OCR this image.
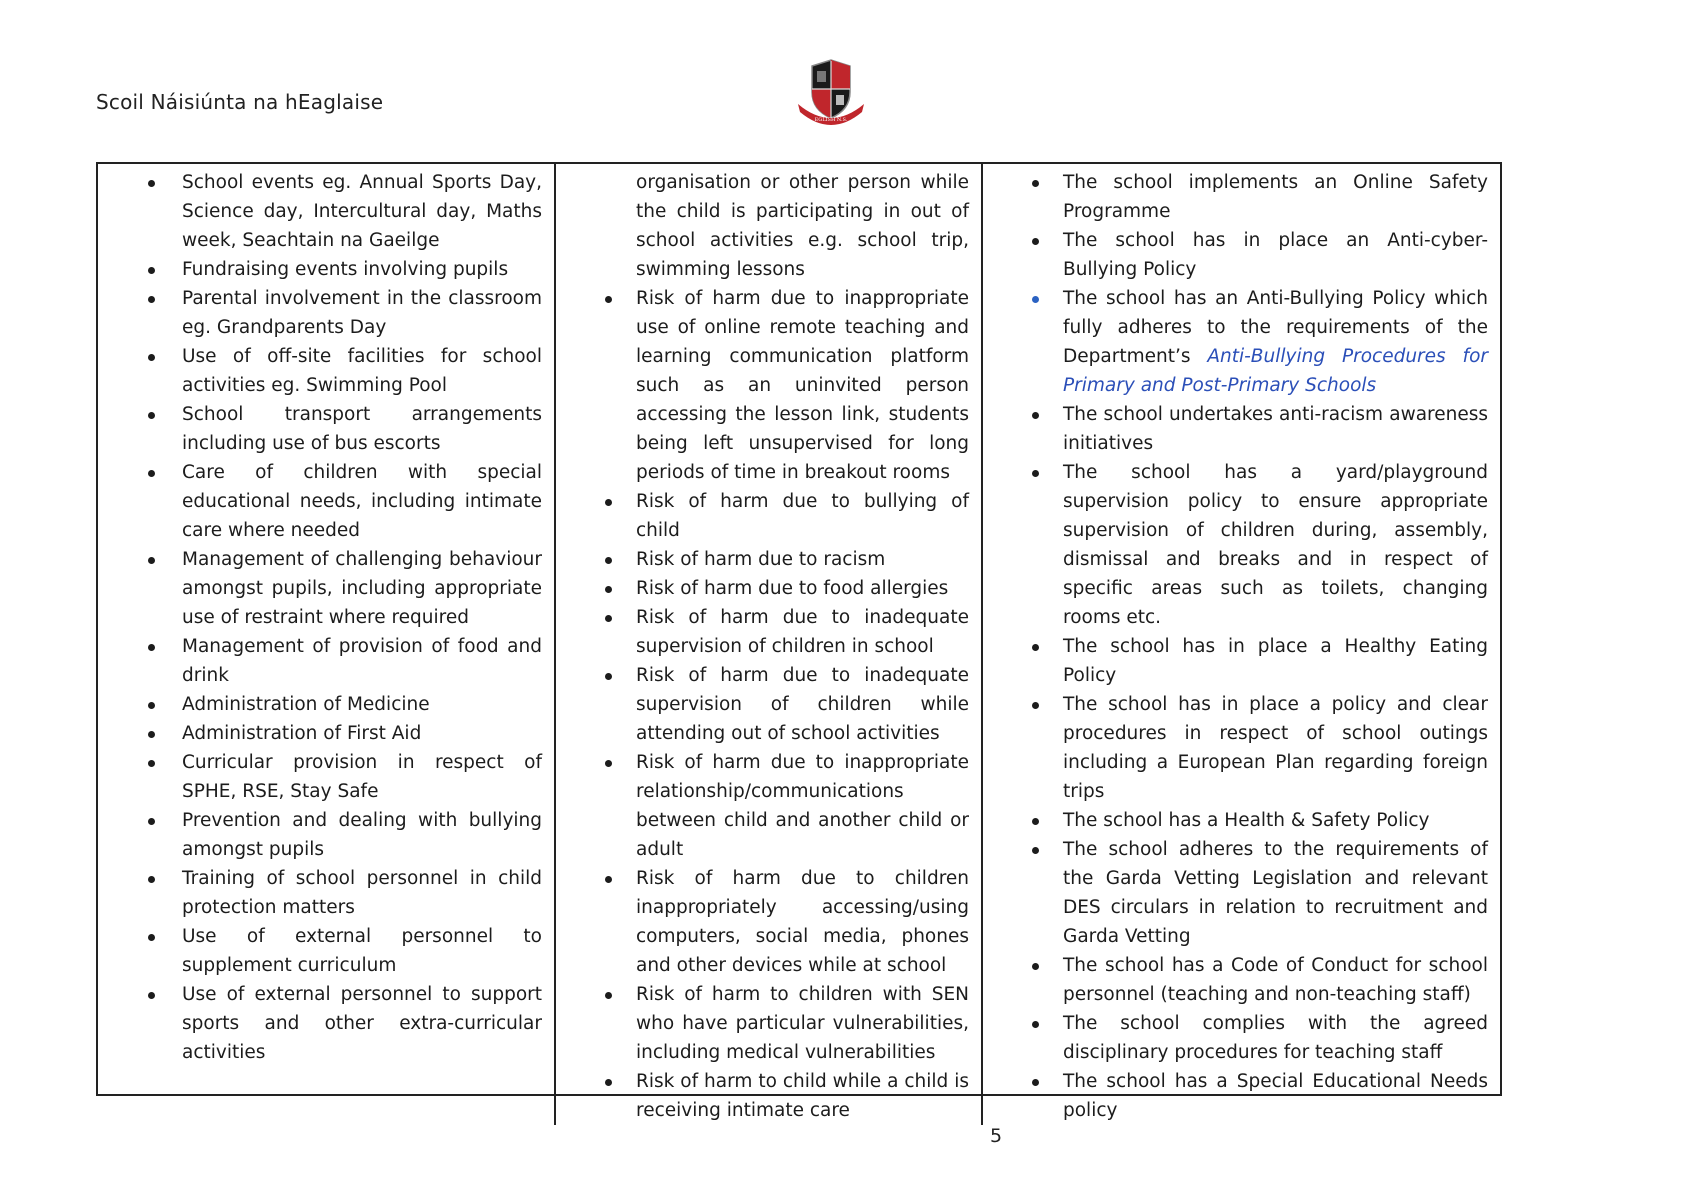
Scoil Náisiúnta na hEaglaise
EGLISH N.S.
School events eg. Annual Sports Day, Science day, Intercultural day, Maths week, Seachtain na Gaeilge
Fundraising events involving pupils
Parental involvement in the classroom eg. Grandparents Day
Use of off-site facilities for school activities eg. Swimming Pool
School transport arrangements including use of bus escorts
Care of children with special educational needs, including intimate care where needed
Management of challenging behaviour amongst pupils, including appropriate use of restraint where required
Management of provision of food and drink
Administration of Medicine
Administration of First Aid
Curricular provision in respect of SPHE, RSE, Stay Safe
Prevention and dealing with bullying amongst pupils
Training of school personnel in child protection matters
Use of external personnel to supplement curriculum
Use of external personnel to support sports and other extra-curricular activities
organisation or other person while the child is participating in out of school activities e.g. school trip, swimming lessons
Risk of harm due to inappropriate use of online remote teaching and learning communication platform such as an uninvited person accessing the lesson link, students being left unsupervised for long periods of time in breakout rooms
Risk of harm due to bullying of child
Risk of harm due to racism
Risk of harm due to food allergies
Risk of harm due to inadequate supervision of children in school
Risk of harm due to inadequate supervision of children while attending out of school activities
Risk of harm due to inappropriate relationship/communications between child and another child or adult
Risk of harm due to children inappropriately accessing/using computers, social media, phones and other devices while at school
Risk of harm to children with SEN who have particular vulnerabilities, including medical vulnerabilities
Risk of harm to child while a child is receiving intimate care
The school implements an Online Safety Programme
The school has in place an Anti-cyber-Bullying Policy
The school has an Anti-Bullying Policy which fully adheres to the requirements of the Department’s Anti-Bullying Procedures for Primary and Post-Primary Schools
The school undertakes anti-racism awareness initiatives
The school has a yard/playground supervision policy to ensure appropriate supervision of children during, assembly, dismissal and breaks and in respect of specific areas such as toilets, changing rooms etc.
The school has in place a Healthy Eating Policy
The school has in place a policy and clear procedures in respect of school outings including a European Plan regarding foreign trips
The school has a Health & Safety Policy
The school adheres to the requirements of the Garda Vetting Legislation and relevant DES circulars in relation to recruitment and Garda Vetting
The school has a Code of Conduct for school personnel (teaching and non-teaching staff)
The school complies with the agreed disciplinary procedures for teaching staff
The school has a Special Educational Needs policy
5
